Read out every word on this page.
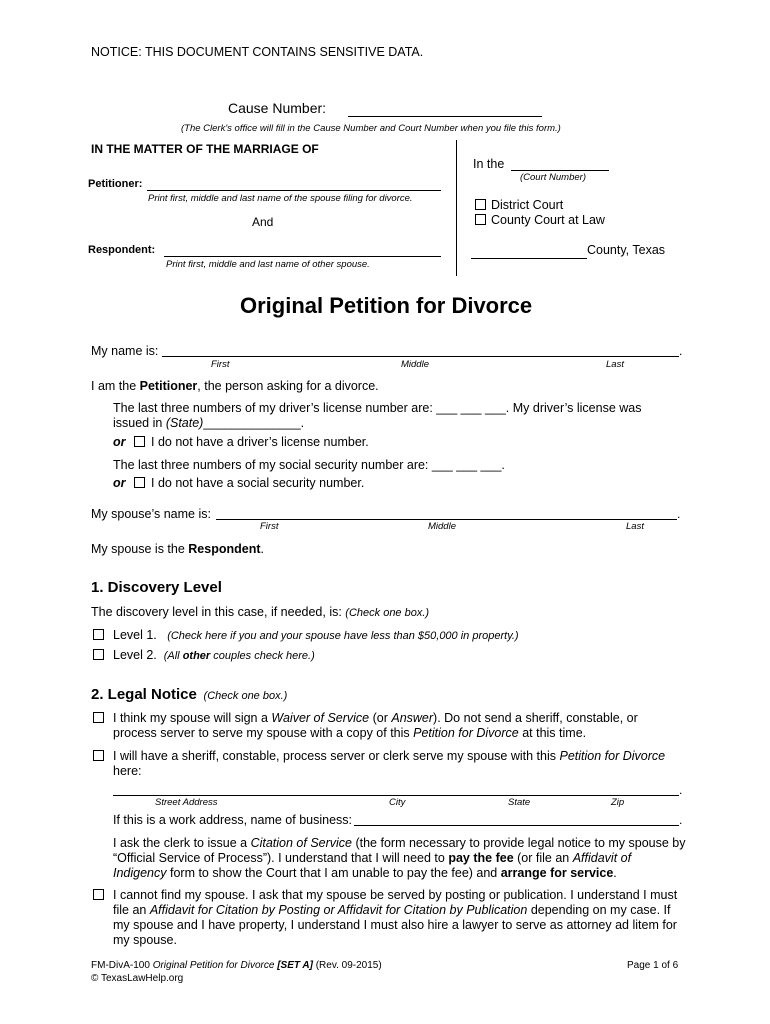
NOTICE: THIS DOCUMENT CONTAINS SENSITIVE DATA.
Cause Number:
(The Clerk's office will fill in the Cause Number and Court Number when you file this form.)
IN THE MATTER OF THE MARRIAGE OF
Petitioner:
Print first, middle and last name of the spouse filing for divorce.
And
Respondent:
Print first, middle and last name of other spouse.
In the
(Court Number)
District Court
County Court at Law
County, Texas
Original Petition for Divorce
My name is:	.
First	Middle	Last
I am the Petitioner, the person asking for a divorce.
The last three numbers of my driver’s license number are: ___ ___ ___. My driver’s license was
issued in (State)______________.
or I do not have a driver’s license number.
The last three numbers of my social security number are: ___ ___ ___.
or I do not have a social security number.
My spouse’s name is:	.
First	Middle	Last
My spouse is the Respondent.
1. Discovery Level
The discovery level in this case, if needed, is: (Check one box.)
Level 1. (Check here if you and your spouse have less than $50,000 in property.)
Level 2. (All other couples check here.)
2. Legal Notice (Check one box.)
I think my spouse will sign a Waiver of Service (or Answer). Do not send a sheriff, constable, or
process server to serve my spouse with a copy of this Petition for Divorce at this time.
I will have a sheriff, constable, process server or clerk serve my spouse with this Petition for Divorce
here:
.
Street Address	City	State	Zip
If this is a work address, name of business:	.
I ask the clerk to issue a Citation of Service (the form necessary to provide legal notice to my spouse by
“Official Service of Process”). I understand that I will need to pay the fee (or file an Affidavit of
Indigency form to show the Court that I am unable to pay the fee) and arrange for service.
I cannot find my spouse. I ask that my spouse be served by posting or publication. I understand I must
file an Affidavit for Citation by Posting or Affidavit for Citation by Publication depending on my case. If
my spouse and I have property, I understand I must also hire a lawyer to serve as attorney ad litem for
my spouse.
FM-DivA-100 Original Petition for Divorce [SET A] (Rev. 09-2015)
© TexasLawHelp.org
Page 1 of 6
